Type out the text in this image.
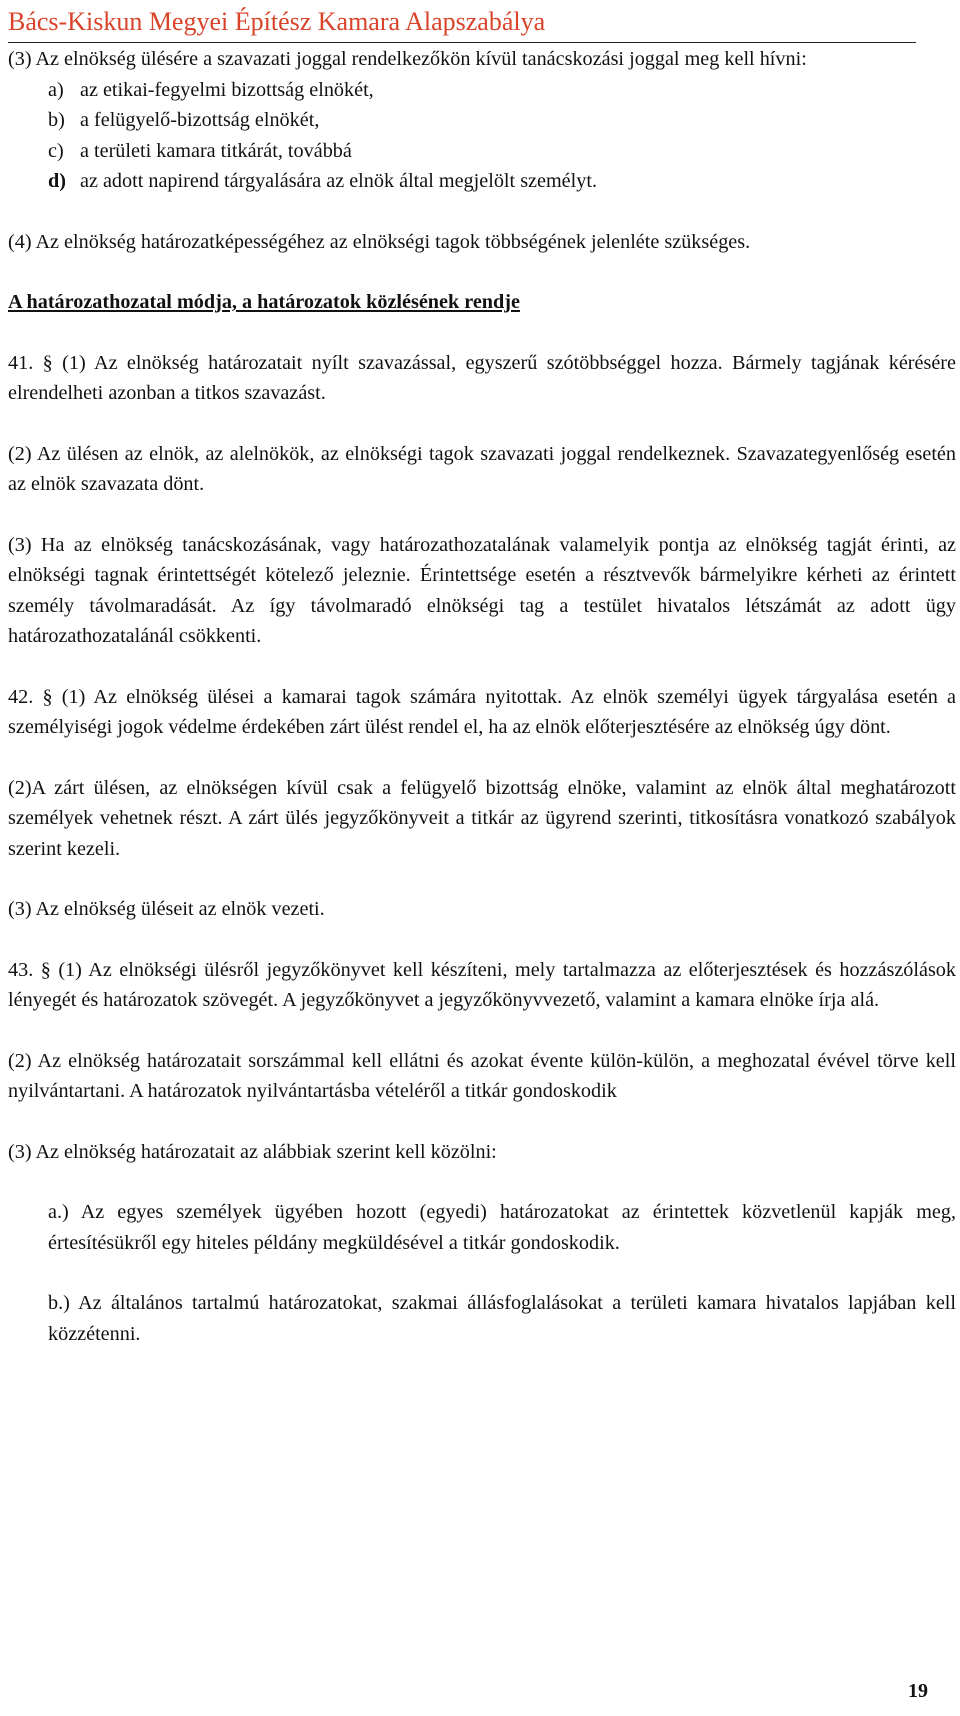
Bács-Kiskun Megyei Építész Kamara Alapszabálya

(3) Az elnökség ülésére a szavazati joggal rendelkezőkön kívül tanácskozási joggal meg kell hívni:

a) az etikai-fegyelmi bizottság elnökét,

b) a felügyelő-bizottság elnökét,

c) a területi kamara titkárát, továbbá

d) az adott napirend tárgyalására az elnök által megjelölt személyt.

(4) Az elnökség határozatképességéhez az elnökségi tagok többségének jelenléte szükséges.

A határozathozatal módja, a határozatok közlésének rendje

41. § (1) Az elnökség határozatait nyílt szavazással, egyszerű szótöbbséggel hozza. Bármely tagjának kérésére elrendelheti azonban a titkos szavazást.

(2) Az ülésen az elnök, az alelnökök, az elnökségi tagok szavazati joggal rendelkeznek. Szavazategyenlőség esetén az elnök szavazata dönt.

(3) Ha az elnökség tanácskozásának, vagy határozathozatalának valamelyik pontja az elnökség tagját érinti, az elnökségi tagnak érintettségét kötelező jeleznie. Érintettsége esetén a résztvevők bármelyikre kérheti az érintett személy távolmaradását. Az így távolmaradó elnökségi tag a testület hivatalos létszámát az adott ügy határozathozatalánál csökkenti.

42. § (1) Az elnökség ülései a kamarai tagok számára nyitottak. Az elnök személyi ügyek tárgyalása esetén a személyiségi jogok védelme érdekében zárt ülést rendel el, ha az elnök előterjesztésére az elnökség úgy dönt.

(2)A zárt ülésen, az elnökségen kívül csak a felügyelő bizottság elnöke, valamint az elnök által meghatározott személyek vehetnek részt. A zárt ülés jegyzőkönyveit a titkár az ügyrend szerinti, titkosításra vonatkozó szabályok szerint kezeli.

(3) Az elnökség üléseit az elnök vezeti.

43. § (1) Az elnökségi ülésről jegyzőkönyvet kell készíteni, mely tartalmazza az előterjesztések és hozzászólások lényegét és határozatok szövegét. A jegyzőkönyvet a jegyzőkönyvvezető, valamint a kamara elnöke írja alá.

(2) Az elnökség határozatait sorszámmal kell ellátni és azokat évente külön-külön, a meghozatal évével törve kell nyilvántartani. A határozatok nyilvántartásba vételéről a titkár gondoskodik

(3) Az elnökség határozatait az alábbiak szerint kell közölni:

a.) Az egyes személyek ügyében hozott (egyedi) határozatokat az érintettek közvetlenül kapják meg, értesítésükről egy hiteles példány megküldésével a titkár gondoskodik.

b.) Az általános tartalmú határozatokat, szakmai állásfoglalásokat a területi kamara hivatalos lapjában kell közzétenni.

19
